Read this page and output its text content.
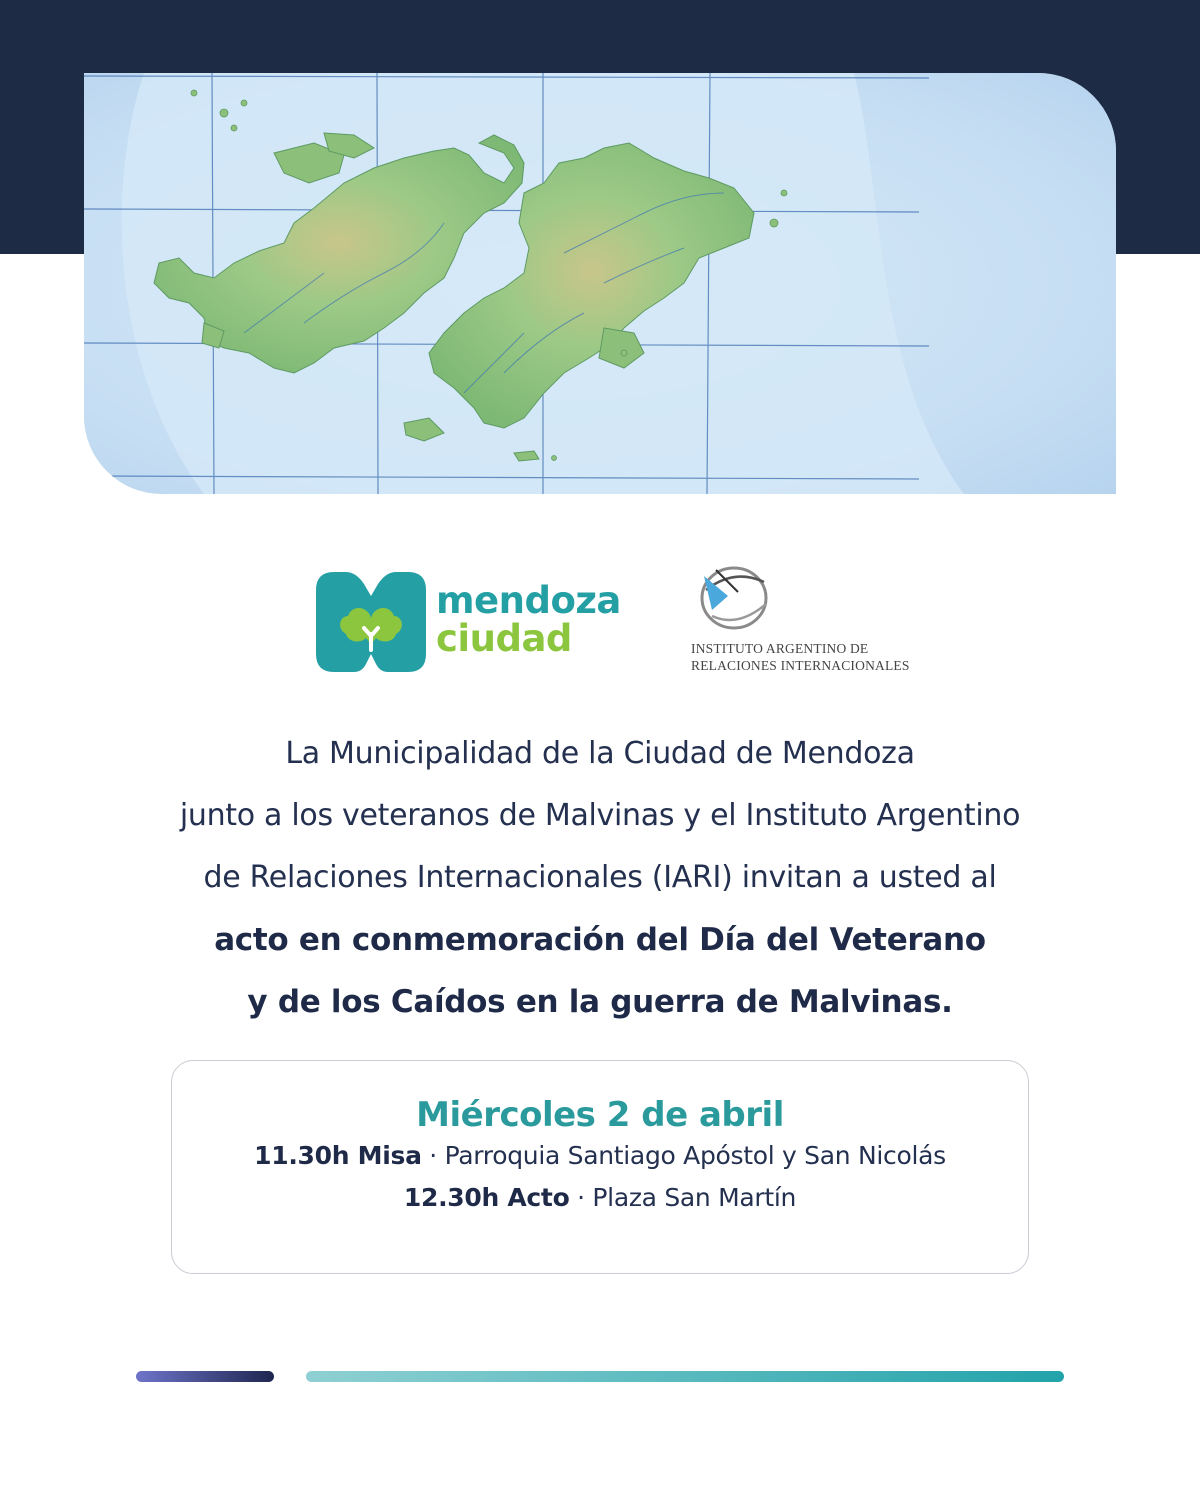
mendoza
ciudad	INSTITUTO ARGENTINO DE
RELACIONES INTERNACIONALES
La Municipalidad de la Ciudad de Mendoza
junto a los veteranos de Malvinas y el Instituto Argentino
de Relaciones Internacionales (IARI) invitan a usted al
acto en conmemoración del Día del Veterano
y de los Caídos en la guerra de Malvinas.
Miércoles 2 de abril
11.30h Misa · Parroquia Santiago Apóstol y San Nicolás
12.30h Acto · Plaza San Martín
